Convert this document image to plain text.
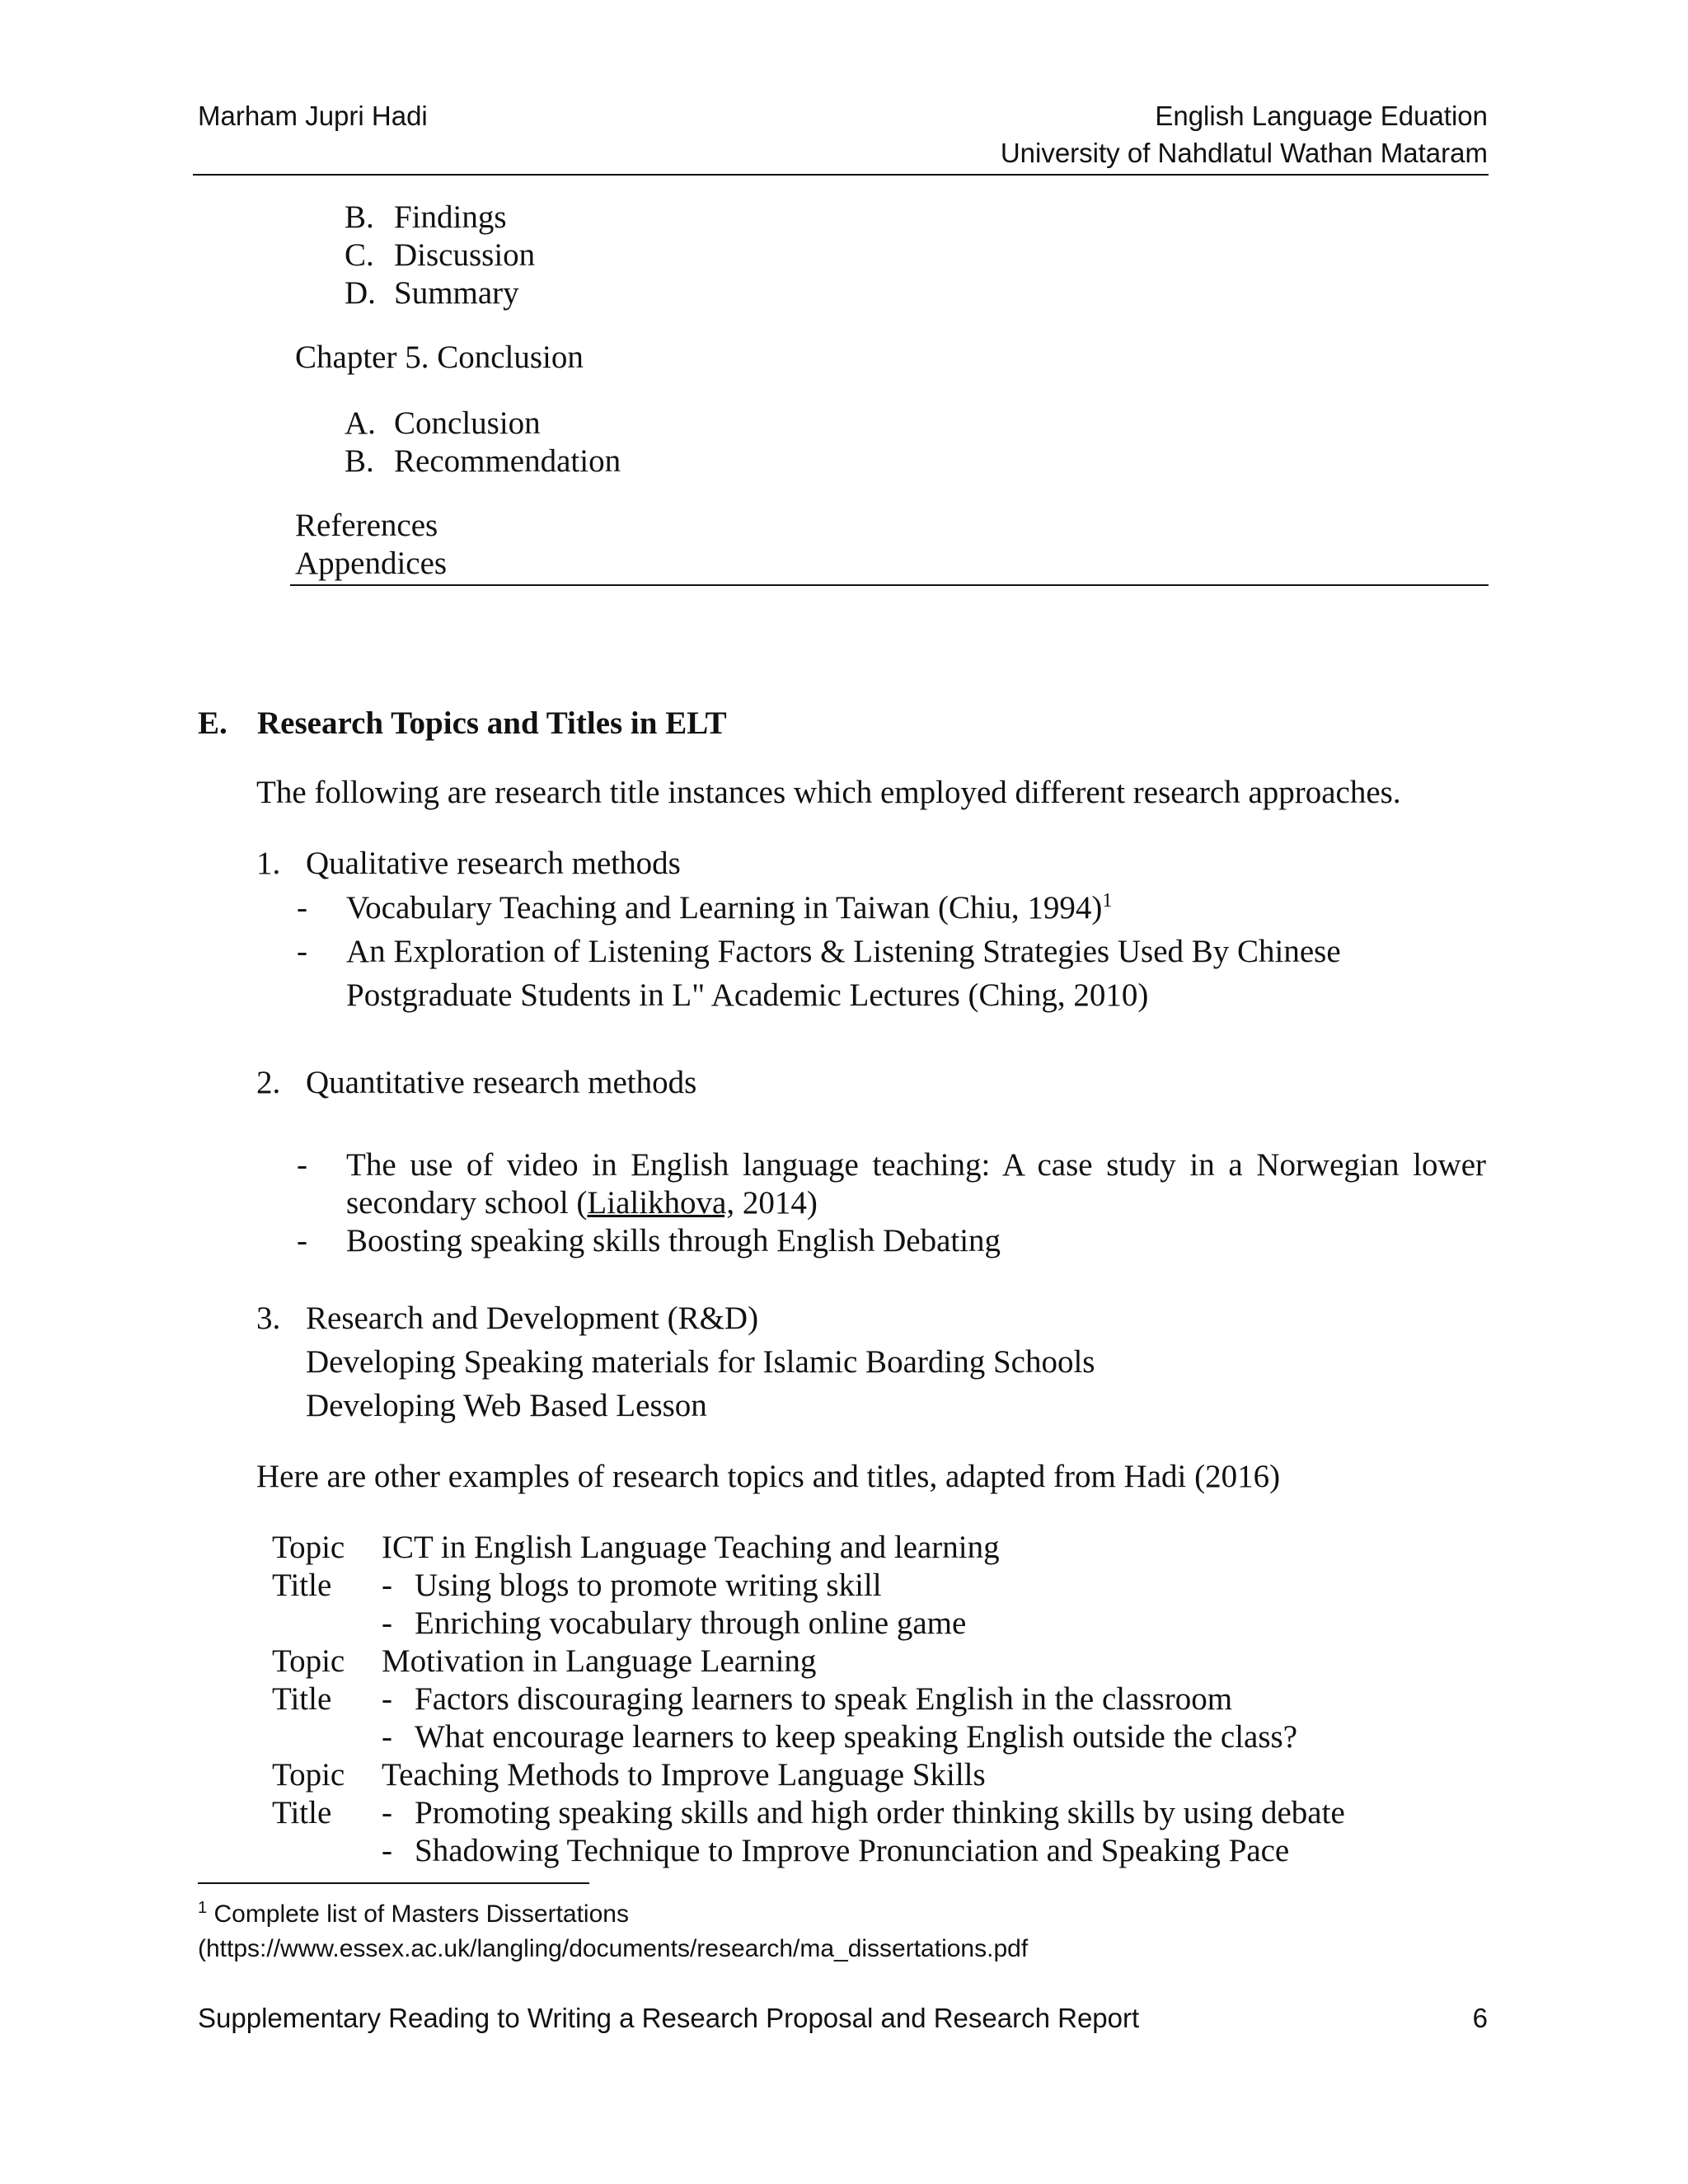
Marham Jupri Hadi	English Language Eduation
University of Nahdlatul Wathan Mataram
B. Findings
C. Discussion
D. Summary
Chapter 5. Conclusion
A. Conclusion
B. Recommendation
References
Appendices
E. Research Topics and Titles in ELT
The following are research title instances which employed different research approaches.
1. Qualitative research methods
- Vocabulary Teaching and Learning in Taiwan (Chiu, 1994)$^1$
- An Exploration of Listening Factors & Listening Strategies Used By Chinese
Postgraduate Students in L" Academic Lectures (Ching, 2010)
2. Quantitative research methods
- The use of video in English language teaching: A case study in a Norwegian lower
secondary school (Lialikhova, 2014)
- Boosting speaking skills through English Debating
3. Research and Development (R&D)
Developing Speaking materials for Islamic Boarding Schools
Developing Web Based Lesson
Here are other examples of research topics and titles, adapted from Hadi (2016)
Topic ICT in English Language Teaching and learning
Title - Using blogs to promote writing skill
- Enriching vocabulary through online game
Topic Motivation in Language Learning
Title - Factors discouraging learners to speak English in the classroom
- What encourage learners to keep speaking English outside the class?
Topic Teaching Methods to Improve Language Skills
Title - Promoting speaking skills and high order thinking skills by using debate
- Shadowing Technique to Improve Pronunciation and Speaking Pace
$^1$ Complete list of Masters Dissertations
(https://www.essex.ac.uk/langling/documents/research/ma_dissertations.pdf
Supplementary Reading to Writing a Research Proposal and Research Report	6
